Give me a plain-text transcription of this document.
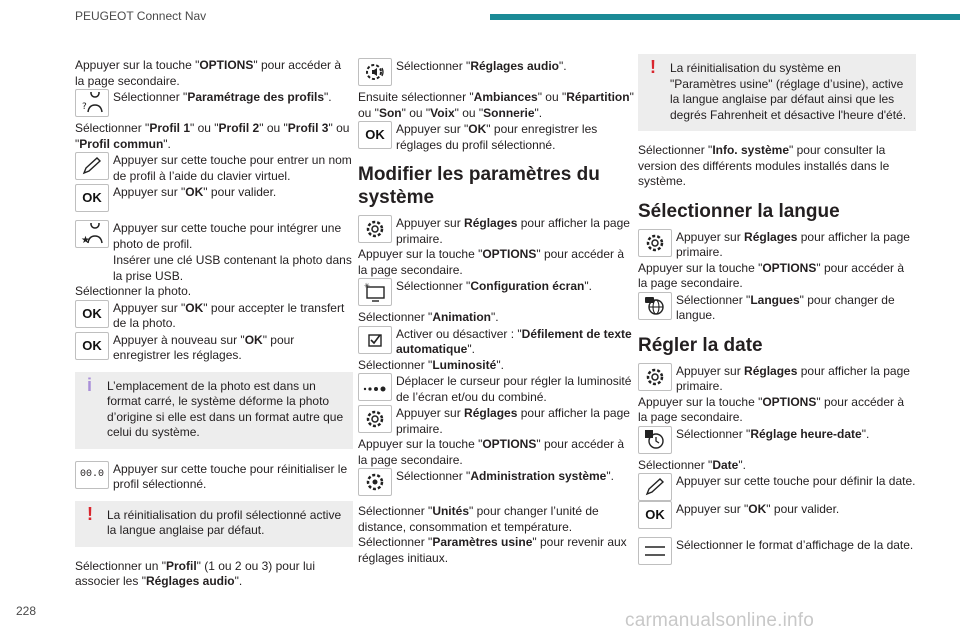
PEUGEOT Connect Nav

Appuyer sur la touche "OPTIONS" pour accéder à la page secondaire.

?
Sélectionner "Paramétrage des profils".

Sélectionner "Profil 1" ou "Profil 2" ou "Profil 3" ou "Profil commun".

Appuyer sur cette touche pour entrer un nom de profil à l’aide du clavier virtuel.
OK Appuyer sur "OK" pour valider.
★
Appuyer sur cette touche pour intégrer une photo de profil.
Insérer une clé USB contenant la photo dans la prise USB.

Sélectionner la photo.

OK Appuyer sur "OK" pour accepter le transfert de la photo.
OK Appuyer à nouveau sur "OK" pour enregistrer les réglages.
i L’emplacement de la photo est dans un format carré, le système déforme la photo d’origine si elle est dans un format autre que celui du système.
00.0 Appuyer sur cette touche pour réinitialiser le profil sélectionné.
! La réinitialisation du profil sélectionné active la langue anglaise par défaut.

Sélectionner un "Profil" (1 ou 2 ou 3) pour lui associer les "Réglages audio".

Sélectionner "Réglages audio".

Ensuite sélectionner "Ambiances" ou "Répartition" ou "Son" ou "Voix" ou "Sonnerie".

OK Appuyer sur "OK" pour enregistrer les réglages du profil sélectionné.
Modifier les paramètres du système
Appuyer sur Réglages pour afficher la page primaire.

Appuyer sur la touche "OPTIONS" pour accéder à la page secondaire.

✳ Sélectionner "Configuration écran".

Sélectionner "Animation".

Activer ou désactiver : "Défilement de texte automatique".

Sélectionner "Luminosité".

Déplacer le curseur pour régler la luminosité de l’écran et/ou du combiné.
Appuyer sur Réglages pour afficher la page primaire.

Appuyer sur la touche "OPTIONS" pour accéder à la page secondaire.

Sélectionner "Administration système".

Sélectionner "Unités" pour changer l’unité de distance, consommation et température.

Sélectionner "Paramètres usine" pour revenir aux réglages initiaux.

! La réinitialisation du système en "Paramètres usine" (réglage d’usine), active la langue anglaise par défaut ainsi que les degrés Fahrenheit et désactive l'heure d'été.

Sélectionner "Info. système" pour consulter la version des différents modules installés dans le système.

Sélectionner la langue
Appuyer sur Réglages pour afficher la page primaire.

Appuyer sur la touche "OPTIONS" pour accéder à la page secondaire.

Sélectionner "Langues" pour changer de langue.
Régler la date
Appuyer sur Réglages pour afficher la page primaire.

Appuyer sur la touche "OPTIONS" pour accéder à la page secondaire.

Sélectionner "Réglage heure-date".

Sélectionner "Date".

Appuyer sur cette touche pour définir la date.
OK Appuyer sur "OK" pour valider.
Sélectionner le format d’affichage de la date.
228	carmanualsonline.info
